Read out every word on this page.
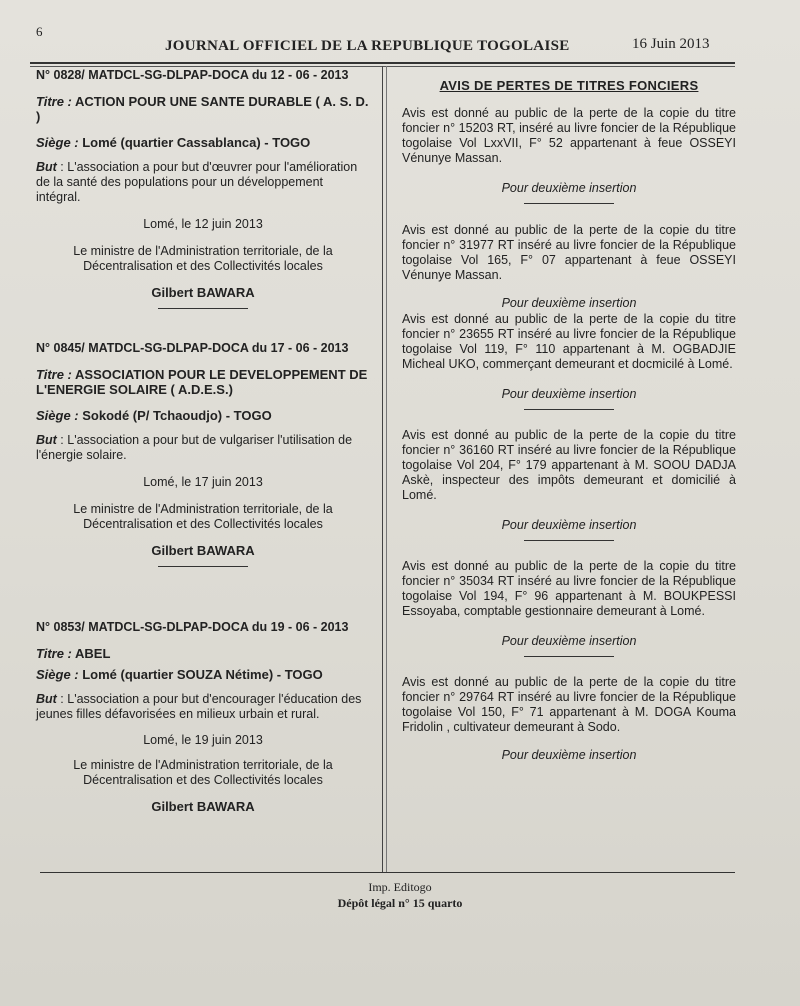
6
JOURNAL OFFICIEL DE LA REPUBLIQUE TOGOLAISE	16 Juin 2013
N° 0828/ MATDCL-SG-DLPAP-DOCA du 12 - 06 - 2013
Titre : ACTION POUR UNE SANTE DURABLE ( A. S. D. )
Siège : Lomé (quartier Cassablanca) - TOGO
But : L'association a pour but d'œuvrer pour l'amélioration de la santé des populations pour un développement intégral.
Lomé, le 12 juin 2013
Le ministre de l'Administration territoriale, de la Décentralisation et des Collectivités locales
Gilbert BAWARA
N° 0845/ MATDCL-SG-DLPAP-DOCA du 17 - 06 - 2013
Titre : ASSOCIATION POUR LE DEVELOPPEMENT DE L'ENERGIE SOLAIRE ( A.D.E.S.)
Siège : Sokodé (P/ Tchaoudjo) - TOGO
But : L'association a pour but de vulgariser l'utilisation de l'énergie solaire.
Lomé, le 17 juin 2013
Le ministre de l'Administration territoriale, de la Décentralisation et des Collectivités locales
Gilbert BAWARA
N° 0853/ MATDCL-SG-DLPAP-DOCA du 19 - 06 - 2013
Titre : ABEL
Siège : Lomé (quartier SOUZA Nétime) - TOGO
But : L'association a pour but d'encourager l'éducation des jeunes filles défavorisées en milieux urbain et rural.
Lomé, le 19 juin 2013
Le ministre de l'Administration territoriale, de la Décentralisation et des Collectivités locales
Gilbert BAWARA
AVIS DE PERTES DE TITRES FONCIERS
Avis est donné au public de la perte de la copie du titre foncier n° 15203 RT, inséré au livre foncier de la République togolaise Vol LxxVII, F° 52 appartenant à feue OSSEYI Vénunye Massan.
Pour deuxième insertion
Avis est donné au public de la perte de la copie du titre foncier n° 31977 RT inséré au livre foncier de la République togolaise Vol 165, F° 07 appartenant à feue OSSEYI Vénunye Massan.
Pour deuxième insertion
Avis est donné au public de la perte de la copie du titre foncier n° 23655 RT inséré au livre foncier de la République togolaise Vol 119, F° 110 appartenant à M. OGBADJIE Micheal UKO, commerçant demeurant et docmicilé à Lomé.
Pour deuxième insertion
Avis est donné au public de la perte de la copie du titre foncier n° 36160 RT inséré au livre foncier de la République togolaise Vol 204, F° 179 appartenant à M. SOOU DADJA Askè, inspecteur des impôts demeurant et domicilié à Lomé.
Pour deuxième insertion
Avis est donné au public de la perte de la copie du titre foncier n° 35034 RT inséré au livre foncier de la République togolaise Vol 194, F° 96 appartenant à M. BOUKPESSI Essoyaba, comptable gestionnaire demeurant à Lomé.
Pour deuxième insertion
Avis est donné au public de la perte de la copie du titre foncier n° 29764 RT inséré au livre foncier de la République togolaise Vol 150, F° 71 appartenant à M. DOGA Kouma Fridolin , cultivateur demeurant à Sodo.
Pour deuxième insertion
Imp. Editogo
Dépôt légal n° 15 quarto
